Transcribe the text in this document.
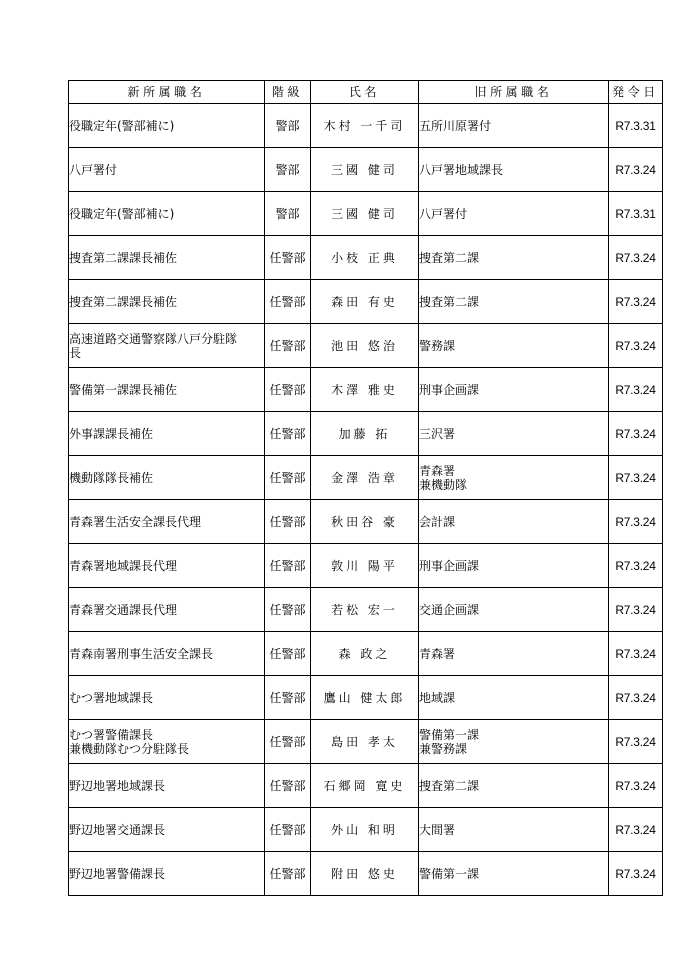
新所属職名	階級	氏名	旧所属職名	発令日

役職定年(警部補に)	警部	木村 一千司	五所川原署付	R7.3.31

八戸署付	警部	三國 健司	八戸署地域課長	R7.3.24

役職定年(警部補に)	警部	三國 健司	八戸署付	R7.3.31

捜査第二課課長補佐	任警部	小枝 正典	捜査第二課	R7.3.24

捜査第二課課長補佐	任警部	森田 有史	捜査第二課	R7.3.24

高速道路交通警察隊八戸分駐隊
長	任警部	池田 悠治	警務課	R7.3.24

警備第一課課長補佐	任警部	木澤 雅史	刑事企画課	R7.3.24

外事課課長補佐	任警部	加藤 拓	三沢署	R7.3.24

機動隊隊長補佐	任警部	金澤 浩章	青森署
兼機動隊	R7.3.24

青森署生活安全課長代理	任警部	秋田谷 豪	会計課	R7.3.24

青森署地域課長代理	任警部	敦川 陽平	刑事企画課	R7.3.24

青森署交通課長代理	任警部	若松 宏一	交通企画課	R7.3.24

青森南署刑事生活安全課長	任警部	森 政之	青森署	R7.3.24

むつ署地域課長	任警部	鷹山 健太郎	地域課	R7.3.24

むつ署警備課長
兼機動隊むつ分駐隊長	任警部	島田 孝太	警備第一課
兼警務課	R7.3.24

野辺地署地域課長	任警部	石郷岡 寛史	捜査第二課	R7.3.24

野辺地署交通課長	任警部	外山 和明	大間署	R7.3.24

野辺地署警備課長	任警部	附田 悠史	警備第一課	R7.3.24
